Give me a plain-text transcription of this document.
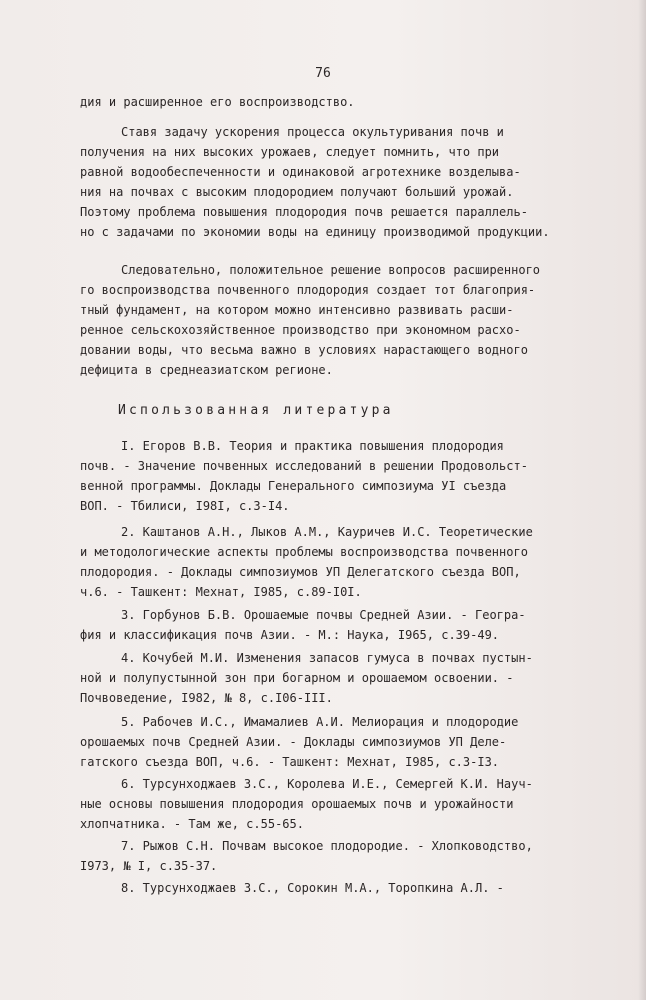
76
дия и расширенное его воспроизводство.
Ставя задачу ускорения процесса окультуривания почв и
получения на них высоких урожаев, следует помнить, что при
равной водообеспеченности и одинаковой агротехнике возделыва-
ния на почвах с высоким плодородием получают больший урожай.
Поэтому проблема повышения плодородия почв решается параллель-
но с задачами по экономии воды на единицу производимой продукции.
Следовательно, положительное решение вопросов расширенного
го воспроизводства почвенного плодородия создает тот благоприя-
тный фундамент, на котором можно интенсивно развивать расши-
ренное сельскохозяйственное производство при экономном расхо-
довании воды, что весьма важно в условиях нарастающего водного
дефицита в среднеазиатском регионе.
Использованная литература
I. Егоров В.В. Теория и практика повышения плодородия
почв. - Значение почвенных исследований в решении Продовольст-
венной программы. Доклады Генерального симпозиума УI съезда
ВОП. - Тбилиси, I98I, с.3-I4.
2. Каштанов А.Н., Лыков А.М., Кауричев И.С. Теоретические
и методологические аспекты проблемы воспроизводства почвенного
плодородия. - Доклады симпозиумов УП Делегатского съезда ВОП,
ч.6. - Ташкент: Мехнат, I985, с.89-I0I.
3. Горбунов Б.В. Орошаемые почвы Средней Азии. - Геогра-
фия и классификация почв Азии. - М.: Наука, I965, с.39-49.
4. Кочубей М.И. Изменения запасов гумуса в почвах пустын-
ной и полупустынной зон при богарном и орошаемом освоении. -
Почвоведение, I982, № 8, с.I06-III.
5. Рабочев И.С., Имамалиев А.И. Мелиорация и плодородие
орошаемых почв Средней Азии. - Доклады симпозиумов УП Делe-
гатского съезда ВОП, ч.6. - Ташкент: Мехнат, I985, с.3-I3.
6. Турсунходжаев З.С., Королева И.Е., Семергей К.И. Науч-
ные основы повышения плодородия орошаемых почв и урожайности
хлопчатника. - Там же, с.55-65.
7. Рыжов С.Н. Почвам высокое плодородие. - Хлопководство,
I973, № I, с.35-37.
8. Турсунходжаев З.С., Сорокин М.А., Торопкина А.Л. -
